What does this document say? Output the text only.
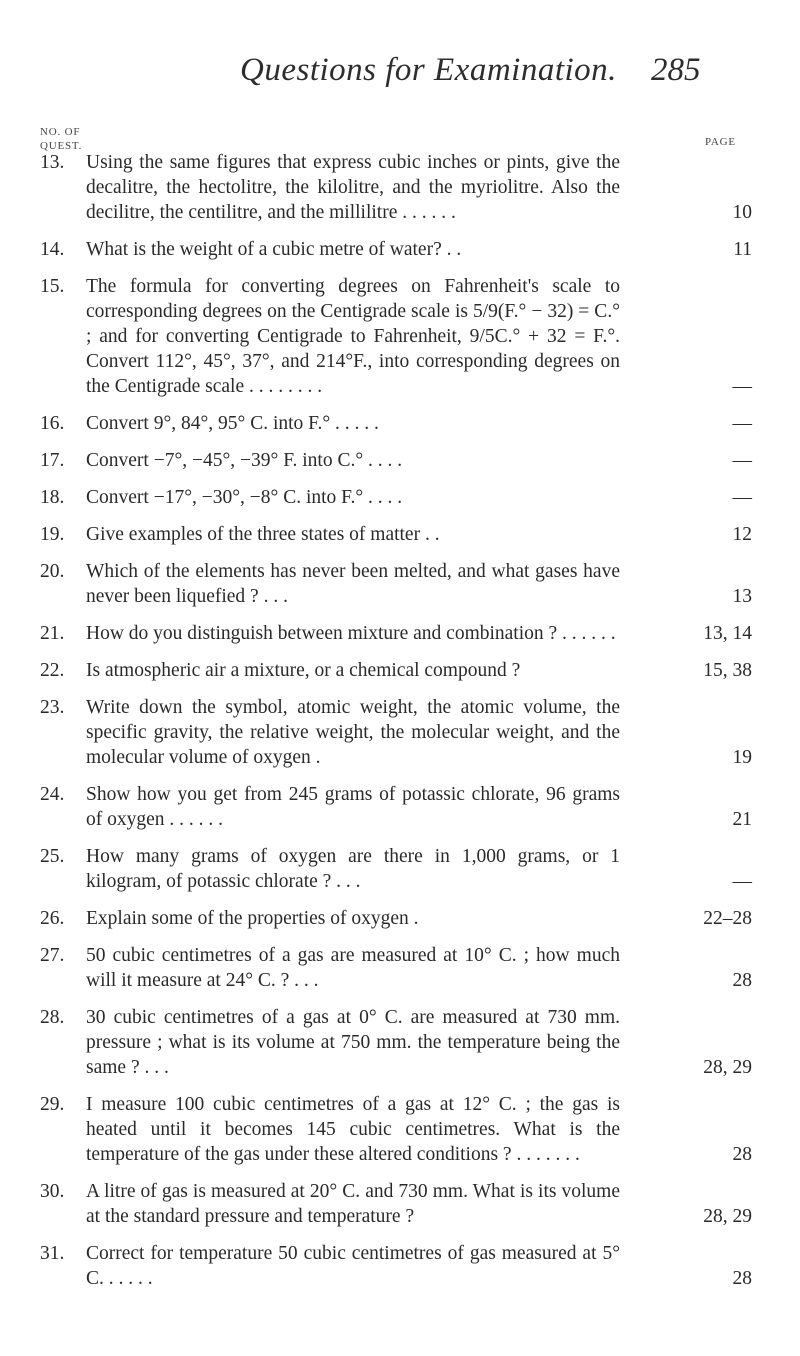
Questions for Examination. 285
NO. OF QUEST.	PAGE
13. Using the same figures that express cubic inches or pints, give the decalitre, the hectolitre, the kilolitre, and the myriolitre. Also the decilitre, the centilitre, and the millilitre . . . . . .	10
14. What is the weight of a cubic metre of water? . .	11
15. The formula for converting degrees on Fahrenheit's scale to corresponding degrees on the Centigrade scale is 5/9(F.° − 32) = C.° ; and for converting Centigrade to Fahrenheit, 9/5C.° + 32 = F.°. Convert 112°, 45°, 37°, and 214°F., into corresponding degrees on the Centigrade scale . . . . . . . .	—
16. Convert 9°, 84°, 95° C. into F.° . . . . .	—
17. Convert −7°, −45°, −39° F. into C.° . . . .	—
18. Convert −17°, −30°, −8° C. into F.° . . . .	—
19. Give examples of the three states of matter . .	12
20. Which of the elements has never been melted, and what gases have never been liquefied ? . . .	13
21. How do you distinguish between mixture and combination ? . . . . . .	13, 14
22. Is atmospheric air a mixture, or a chemical compound ?	15, 38
23. Write down the symbol, atomic weight, the atomic volume, the specific gravity, the relative weight, the molecular weight, and the molecular volume of oxygen .	19
24. Show how you get from 245 grams of potassic chlorate, 96 grams of oxygen . . . . . .	21
25. How many grams of oxygen are there in 1,000 grams, or 1 kilogram, of potassic chlorate ? . . .	—
26. Explain some of the properties of oxygen .	22–28
27. 50 cubic centimetres of a gas are measured at 10° C. ; how much will it measure at 24° C. ? . . .	28
28. 30 cubic centimetres of a gas at 0° C. are measured at 730 mm. pressure ; what is its volume at 750 mm. the temperature being the same ? . . .	28, 29
29. I measure 100 cubic centimetres of a gas at 12° C. ; the gas is heated until it becomes 145 cubic centimetres. What is the temperature of the gas under these altered conditions ? . . . . . . .	28
30. A litre of gas is measured at 20° C. and 730 mm. What is its volume at the standard pressure and temperature ?	28, 29
31. Correct for temperature 50 cubic centimetres of gas measured at 5° C. . . . . .	28
